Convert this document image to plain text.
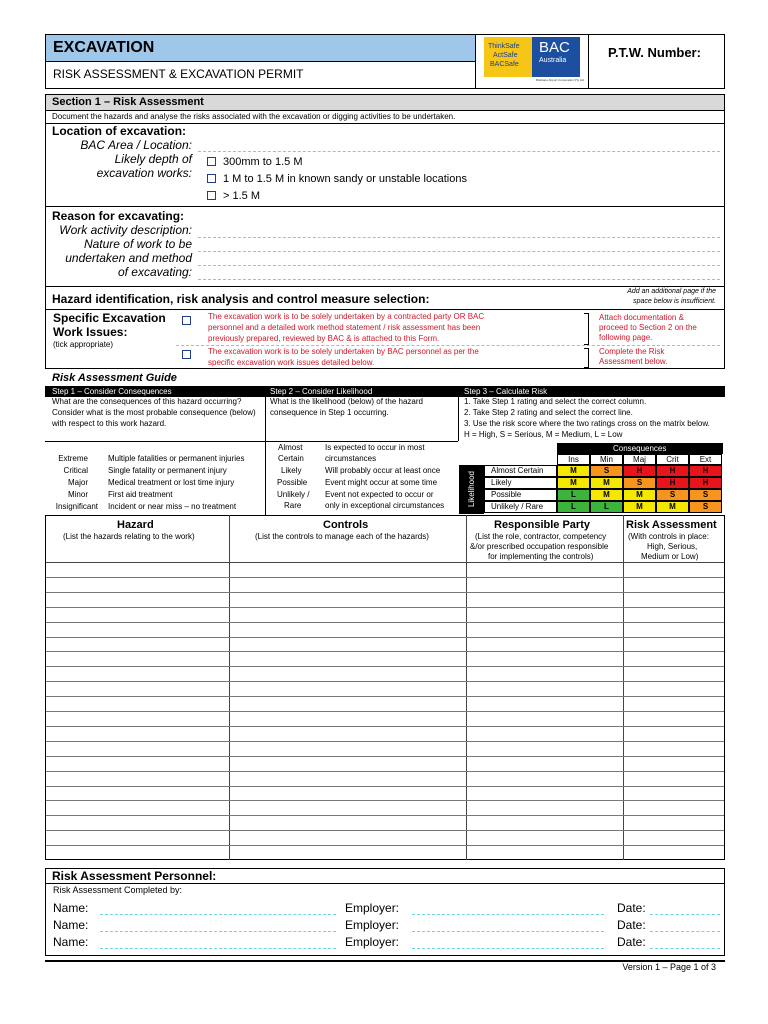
EXCAVATION
RISK ASSESSMENT & EXCAVATION PERMIT
ThinkSafe
ActSafe
BACSafe
BAC
Australia
Brisbane Airport Corporation Pty Ltd
P.T.W. Number:
Section 1 – Risk Assessment
Document the hazards and analyse the risks associated with the excavation or digging activities to be undertaken.
Location of excavation:
BAC Area / Location:
Likely depth of
excavation works:
300mm to 1.5 M
1 M to 1.5 M in known sandy or unstable locations
> 1.5 M
Reason for excavating:
Work activity description:
Nature of work to be
undertaken and method
of excavating:
Hazard identification, risk analysis and control measure selection:
Add an additional page if the
space below is insufficient.
Specific Excavation
Work Issues:
(tick appropriate)
The excavation work is to be solely undertaken by a contracted party OR BAC
personnel and a detailed work method statement / risk assessment has been
previously prepared, reviewed by BAC & is attached to this Form.
Attach documentation &
proceed to Section 2 on the
following page.
The excavation work is to be solely undertaken by BAC personnel as per the
specific excavation work issues detailed below.
Complete the Risk
Assessment below.
Risk Assessment Guide
Step 1 – Consider Consequences	Step 2 – Consider Likelihood	Step 3 – Calculate Risk
What are the consequences of this hazard occurring?
Consider what is the most probable consequence (below)
with respect to this work hazard.
What is the likelihood (below) of the hazard
consequence in Step 1 occurring.
1. Take Step 1 rating and select the correct column.
2. Take Step 2 rating and select the correct line.
3. Use the risk score where the two ratings cross on the matrix below.
H = High, S = Serious, M = Medium, L = Low
Extreme	Multiple fatalities or permanent injuries
Critical	Single fatality or permanent injury
Major	Medical treatment or lost time injury
Minor	First aid treatment
Insignificant Incident or near miss – no treatment
Almost
Certain
Is expected to occur in most
circumstances
Likely	Will probably occur at least once
Possible Event might occur at some time
Unlikely /
Rare
Event not expected to occur or
only in exceptional circumstances
Consequences
Likelihood
Ins	Min	Maj	Crit	Ext
Almost Certain	M	S	H	H	H
Likely	M	M	S	H	H
Possible	L	M	M	S	S
Unlikely / Rare	L	L	M	M	S
Hazard
(List the hazards relating to the work)
Controls
(List the controls to manage each of the hazards)
Responsible Party
(List the role, contractor, competency
&/or prescribed occupation responsible
for implementing the controls)
Risk Assessment
(With controls in place:
High, Serious,
Medium or Low)
Risk Assessment Personnel:
Risk Assessment Completed by:
Name:	Employer:	Date:
Name:	Employer:	Date:
Name:	Employer:	Date:
Version 1 – Page 1 of 3
